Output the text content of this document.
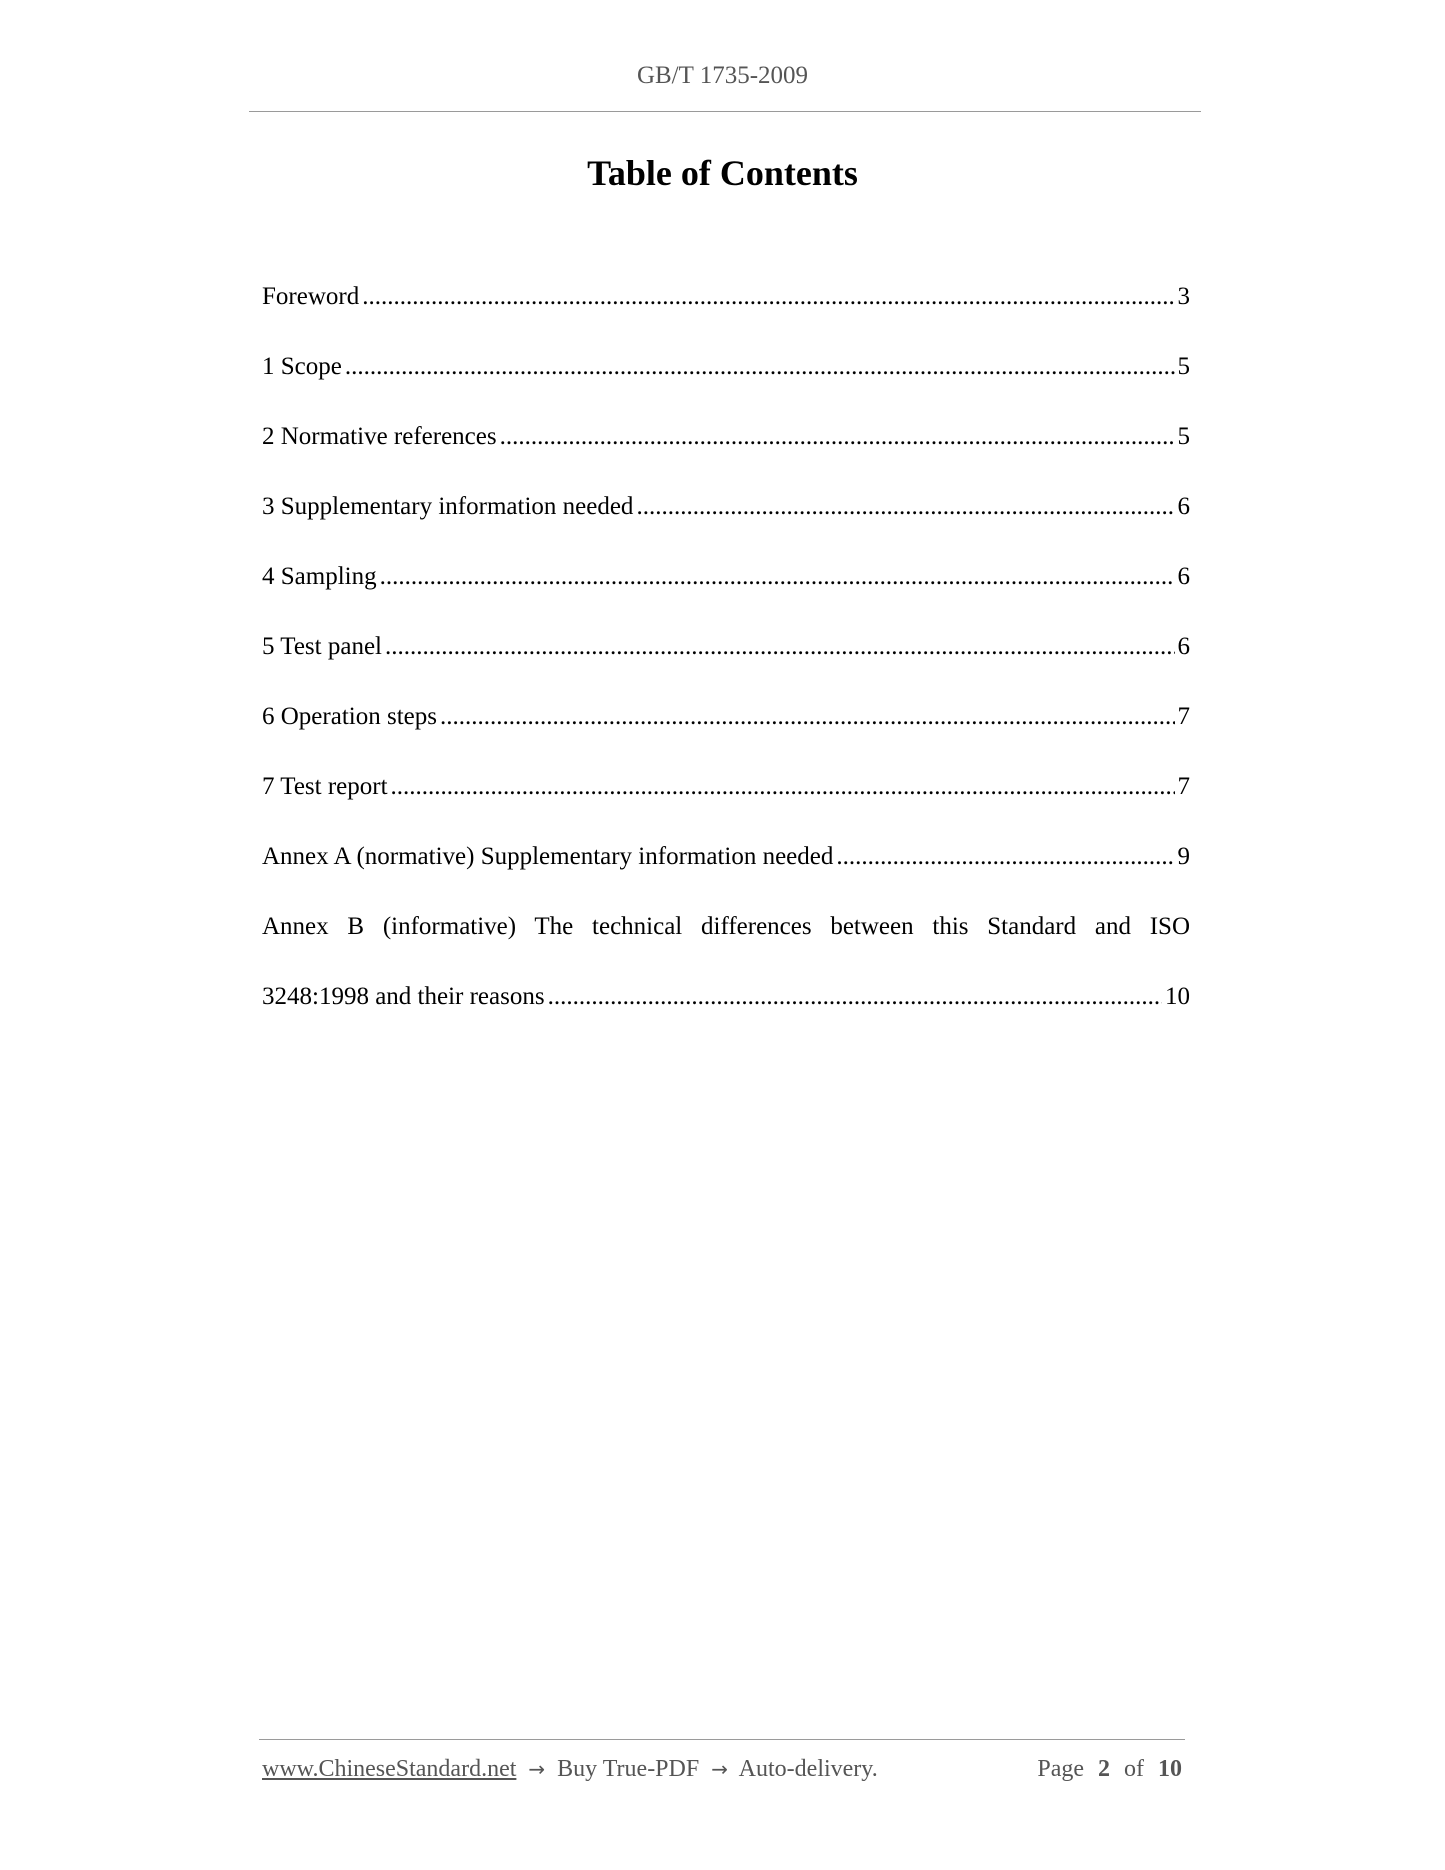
GB/T 1735-2009
Table of Contents
Foreword .....	3
1 Scope .....	5
2 Normative references .....	5
3 Supplementary information needed .....	6
4 Sampling .....	6
5 Test panel .....	6
6 Operation steps .....	7
7 Test report .....	7
Annex A (normative) Supplementary information needed .....	9
Annex B (informative) The technical differences between this Standard and ISO
3248:1998 and their reasons .....	10
www.ChineseStandard.net → Buy True-PDF → Auto-delivery.	Page 2 of 10
